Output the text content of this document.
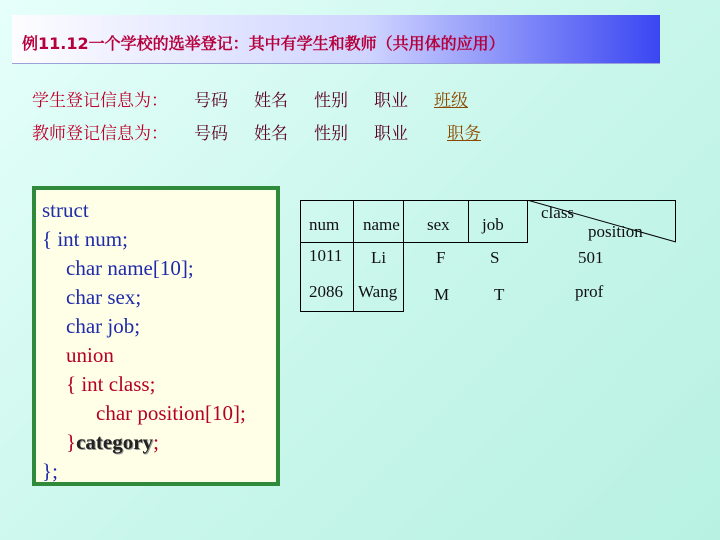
例11.12一个学校的选举登记：其中有学生和教师（共用体的应用）
学生登记信息为： 号码 姓名 性别 职业 班级
教师登记信息为： 号码 姓名 性别 职业 职务
struct
{ int num;
char name[10];
char sex;
char job;
union
{ int class;
char position[10];
}category;
};
num name sex job
class
position
1011 Li	F	S	501
2086 Wang M	T	prof
